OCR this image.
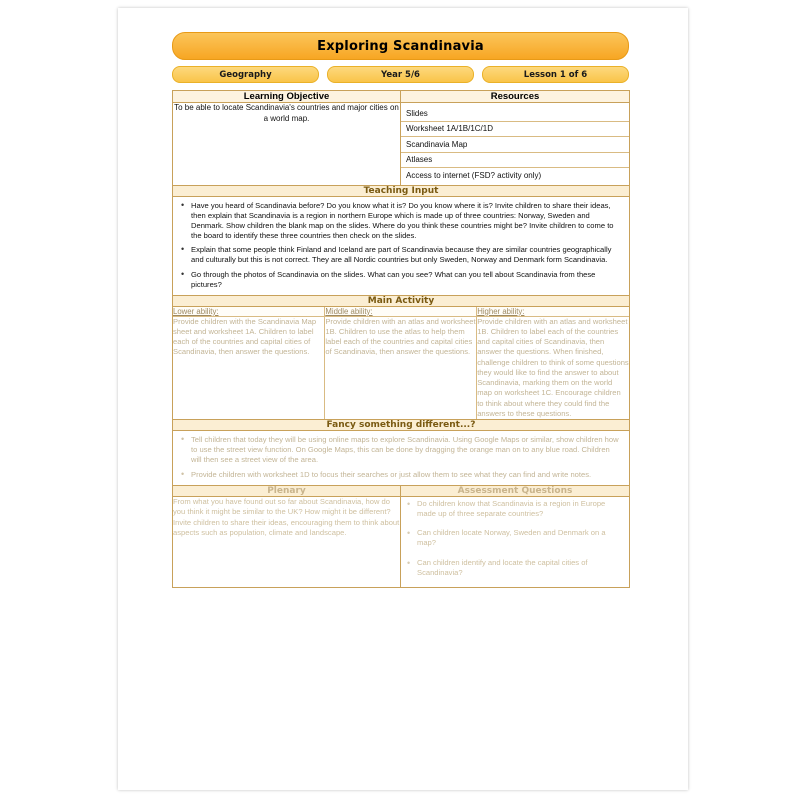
Exploring Scandinavia
Geography	Year 5/6	Lesson 1 of 6
Learning Objective	Resources
To be able to locate Scandinavia's countries and major cities on a world map.	
Slides
Worksheet 1A/1B/1C/1D
Scandinavia Map
Atlases
Access to internet (FSD? activity only)

Teaching Input

• Have you heard of Scandinavia before? Do you know what it is? Do you know where it is? Invite children to share their ideas, then explain that Scandinavia is a region in northern Europe which is made up of three countries: Norway, Sweden and Denmark. Show children the blank map on the slides. Where do you think these countries might be? Invite children to come to the board to identify these three countries then check on the slides.
• Explain that some people think Finland and Iceland are part of Scandinavia because they are similar countries geographically and culturally but this is not correct. They are all Nordic countries but only Sweden, Norway and Denmark form Scandinavia.
• Go through the photos of Scandinavia on the slides. What can you see? What can you tell about Scandinavia from these pictures?

Main Activity

Lower ability:	Middle ability:	Higher ability:
Provide children with the Scandinavia Map sheet and worksheet 1A. Children to label each of the countries and capital cities of Scandinavia, then answer the questions.	Provide children with an atlas and worksheet 1B. Children to use the atlas to help them label each of the countries and capital cities of Scandinavia, then answer the questions.	Provide children with an atlas and worksheet 1B. Children to label each of the countries and capital cities of Scandinavia, then answer the questions. When finished, challenge children to think of some questions they would like to find the answer to about Scandinavia, marking them on the world map on worksheet 1C. Encourage children to think about where they could find the answers to these questions.

Fancy something different...?

• Tell children that today they will be using online maps to explore Scandinavia. Using Google Maps or similar, show children how to use the street view function. On Google Maps, this can be done by dragging the orange man on to any blue road. Children will then see a street view of the area.
• Provide children with worksheet 1D to focus their searches or just allow them to see what they can find and write notes.

Plenary	Assessment Questions
From what you have found out so far about Scandinavia, how do you think it might be similar to the UK? How might it be different? Invite children to share their ideas, encouraging them to think about aspects such as population, climate and landscape.	
• Do children know that Scandinavia is a region in Europe made up of three separate countries?
• Can children locate Norway, Sweden and Denmark on a map?
• Can children identify and locate the capital cities of Scandinavia?
